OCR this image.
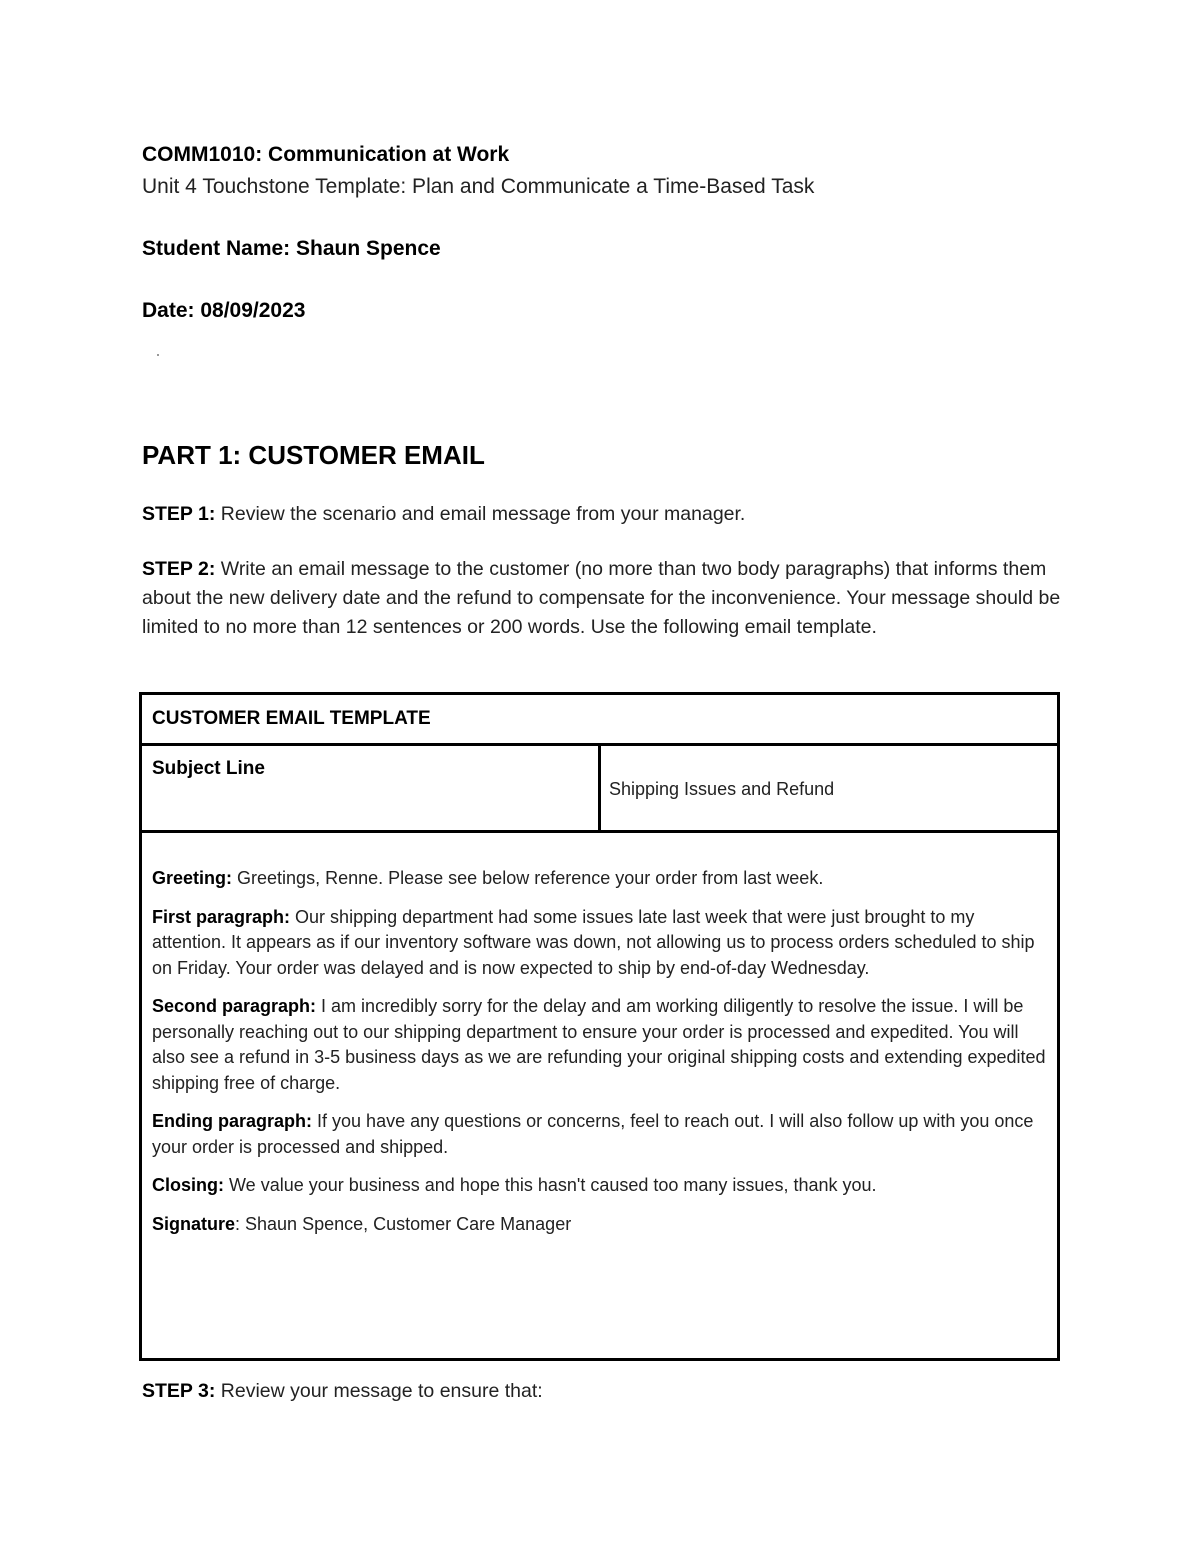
COMM1010: Communication at Work
Unit 4 Touchstone Template: Plan and Communicate a Time-Based Task
Student Name: Shaun Spence
Date: 08/09/2023
PART 1: CUSTOMER EMAIL
STEP 1: Review the scenario and email message from your manager.
STEP 2: Write an email message to the customer (no more than two body paragraphs) that informs them about the new delivery date and the refund to compensate for the inconvenience. Your message should be limited to no more than 12 sentences or 200 words. Use the following email template.
CUSTOMER EMAIL TEMPLATE
Subject Line	Shipping Issues and Refund

Greeting: Greetings, Renne. Please see below reference your order from last week.

First paragraph: Our shipping department had some issues late last week that were just brought to my attention. It appears as if our inventory software was down, not allowing us to process orders scheduled to ship on Friday. Your order was delayed and is now expected to ship by end-of-day Wednesday.

Second paragraph: I am incredibly sorry for the delay and am working diligently to resolve the issue. I will be personally reaching out to our shipping department to ensure your order is processed and expedited. You will also see a refund in 3-5 business days as we are refunding your original shipping costs and extending expedited shipping free of charge.

Ending paragraph: If you have any questions or concerns, feel to reach out. I will also follow up with you once your order is processed and shipped.

Closing: We value your business and hope this hasn't caused too many issues, thank you.

Signature: Shaun Spence, Customer Care Manager

STEP 3: Review your message to ensure that:
